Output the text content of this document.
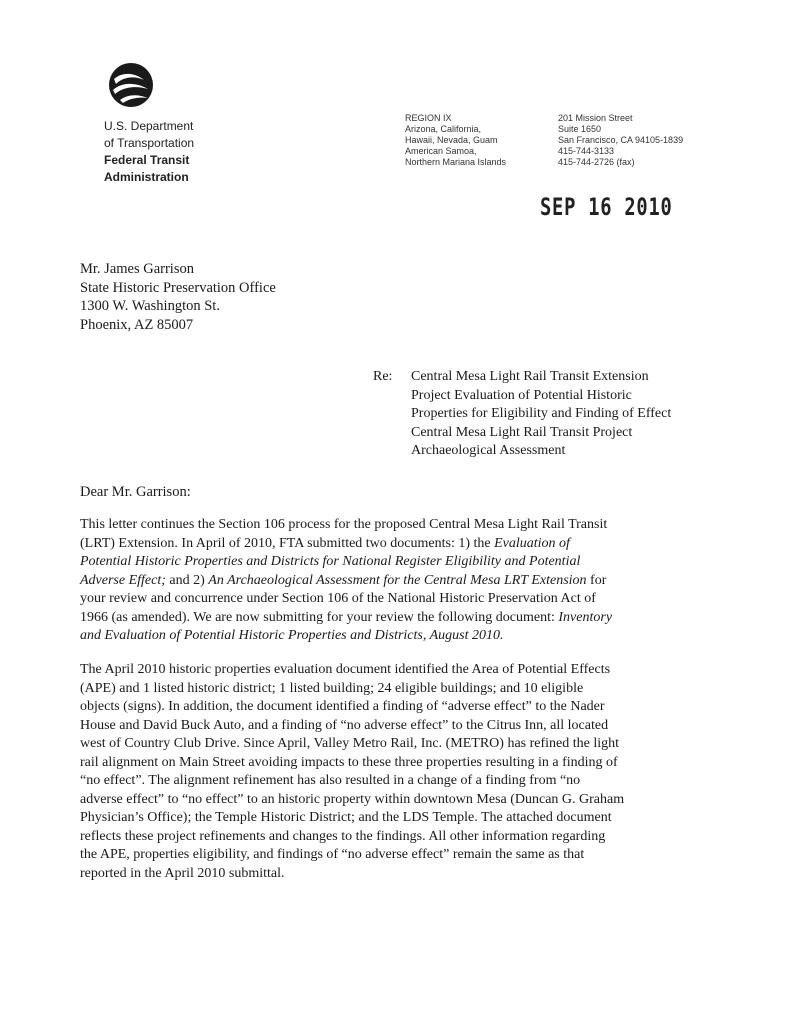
U.S. Department
of Transportation
Federal Transit
Administration
REGION IX
Arizona, California,
Hawaii, Nevada, Guam
American Samoa,
Northern Mariana Islands
201 Mission Street
Suite 1650
San Francisco, CA 94105-1839
415-744-3133
415-744-2726 (fax)
SEP 16 2010
Mr. James Garrison
State Historic Preservation Office
1300 W. Washington St.
Phoenix, AZ 85007
Re: Central Mesa Light Rail Transit Extension
Project Evaluation of Potential Historic
Properties for Eligibility and Finding of Effect
Central Mesa Light Rail Transit Project
Archaeological Assessment
Dear Mr. Garrison:
This letter continues the Section 106 process for the proposed Central Mesa Light Rail Transit
(LRT) Extension. In April of 2010, FTA submitted two documents: 1) the Evaluation of
Potential Historic Properties and Districts for National Register Eligibility and Potential
Adverse Effect; and 2) An Archaeological Assessment for the Central Mesa LRT Extension for
your review and concurrence under Section 106 of the National Historic Preservation Act of
1966 (as amended). We are now submitting for your review the following document: Inventory
and Evaluation of Potential Historic Properties and Districts, August 2010.
The April 2010 historic properties evaluation document identified the Area of Potential Effects
(APE) and 1 listed historic district; 1 listed building; 24 eligible buildings; and 10 eligible
objects (signs). In addition, the document identified a finding of “adverse effect” to the Nader
House and David Buck Auto, and a finding of “no adverse effect” to the Citrus Inn, all located
west of Country Club Drive. Since April, Valley Metro Rail, Inc. (METRO) has refined the light
rail alignment on Main Street avoiding impacts to these three properties resulting in a finding of
“no effect”. The alignment refinement has also resulted in a change of a finding from “no
adverse effect” to “no effect” to an historic property within downtown Mesa (Duncan G. Graham
Physician’s Office); the Temple Historic District; and the LDS Temple. The attached document
reflects these project refinements and changes to the findings. All other information regarding
the APE, properties eligibility, and findings of “no adverse effect” remain the same as that
reported in the April 2010 submittal.
